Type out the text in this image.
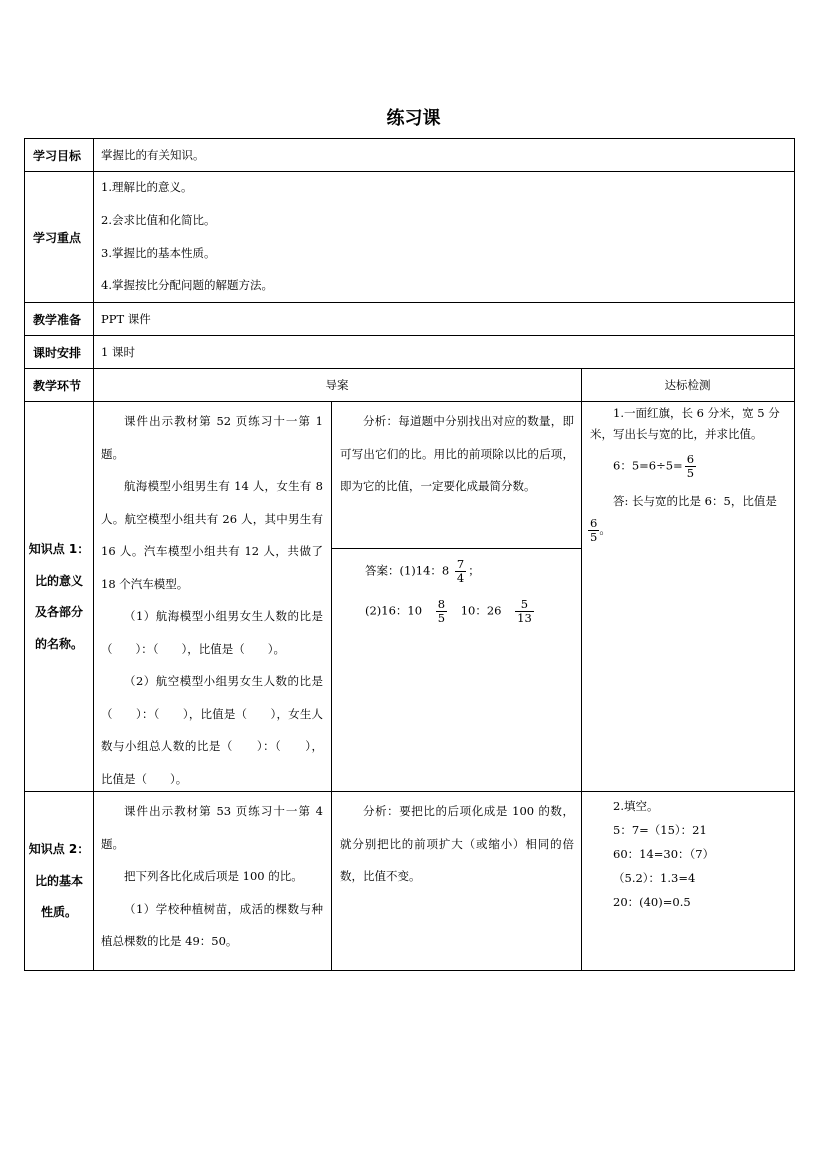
练习课
学习目标 掌握比的有关知识。
学习重点
1.理解比的意义。
2.会求比值和化简比。
3.掌握比的基本性质。
4.掌握按比分配问题的解题方法。
教学准备 PPT 课件
课时安排 1 课时
教学环节	导案	达标检测
知识点 1：
比的意义
及各部分
的名称。

课件出示教材第 52 页练习十一第 1 题。

航海模型小组男生有 14 人，女生有 8 人。航空模型小组共有 26 人，其中男生有 16 人。汽车模型小组共有 12 人，共做了 18 个汽车模型。

（1）航海模型小组男女生人数的比是（　　）：（　　），比值是（　　）。

（2）航空模型小组男女生人数的比是（　　）：（　　），比值是（　　），女生人数与小组总人数的比是（　　）：（　　），比值是（　　）。

分析：每道题中分别找出对应的数量，即可写出它们的比。用比的前项除以比的后项，即为它的比值，一定要化成最简分数。

答案：(1)14：$8 \frac{7}{4}$ ；
(2)16：$10 \frac{8}{5} 10$：$26 \frac{5}{13}$
1.一面红旗，长 6 分米，宽 5 分米，写出长与宽的比，并求比值。
6：$5=6\div 5= \frac{6}{5}$
答: 长与宽的比是 6：5，比值是
$\frac{6}{5}$ 。
知识点 2：
比的基本
性质。

课件出示教材第 53 页练习十一第 4 题。

把下列各比化成后项是 100 的比。

（1）学校种植树苗，成活的棵数与种植总棵数的比是 49：50。

分析：要把比的后项化成是 100 的数，就分别把比的前项扩大（或缩小）相同的倍数，比值不变。

2.填空。
5：7=（15）：21
60：14=30：（7）
（5.2）：1.3=4
20：(40)=0.5
